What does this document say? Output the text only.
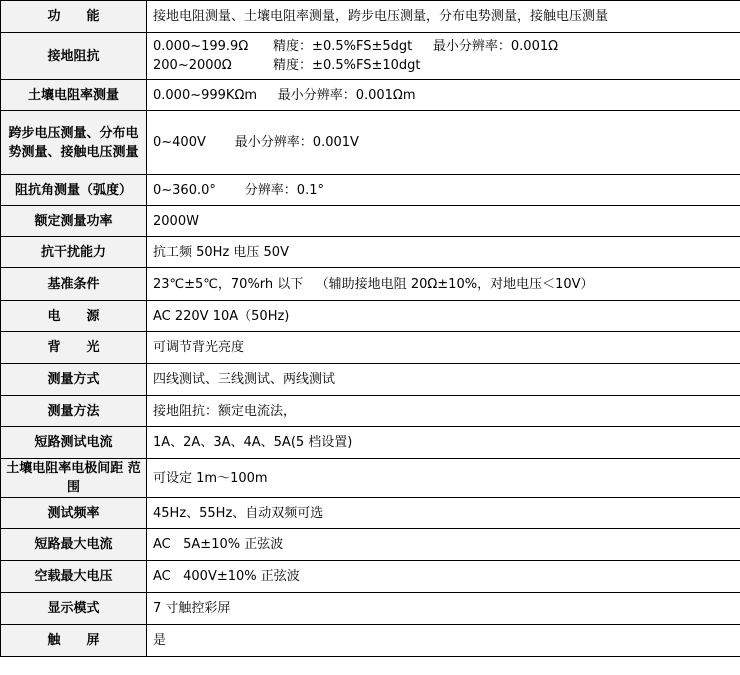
功　　能	接地电阻测量、土壤电阻率测量，跨步电压测量，分布电势测量，接触电压测量

接地阻抗	0.000~199.9Ω      精度：±0.5%FS±5dgt     最小分辨率：0.001Ω
200~2000Ω          精度：±0.5%FS±10dgt

土壤电阻率测量	0.000~999KΩm     最小分辨率：0.001Ωm

跨步电压测量、分布电势测量、接触电压测量	0~400V       最小分辨率：0.001V

阻抗角测量（弧度）	0~360.0°       分辨率：0.1°

额定测量功率	2000W

抗干扰能力	抗工频 50Hz 电压 50V

基准条件	23℃±5℃，70%rh 以下   （辅助接地电阻 20Ω±10%，对地电压＜10V）

电　　源	AC 220V 10A（50Hz)

背　　光	可调节背光亮度

测量方式	四线测试、三线测试、两线测试

测量方法	接地阻抗：额定电流法，

短路测试电流	1A、2A、3A、4A、5A(5 档设置)

土壤电阻率电极间距 范 围	可设定 1m～100m

测试频率	45Hz、55Hz、自动双频可选

短路最大电流	AC   5A±10% 正弦波

空载最大电压	AC   400V±10% 正弦波

显示模式	7 寸触控彩屏

触　　屏	是
